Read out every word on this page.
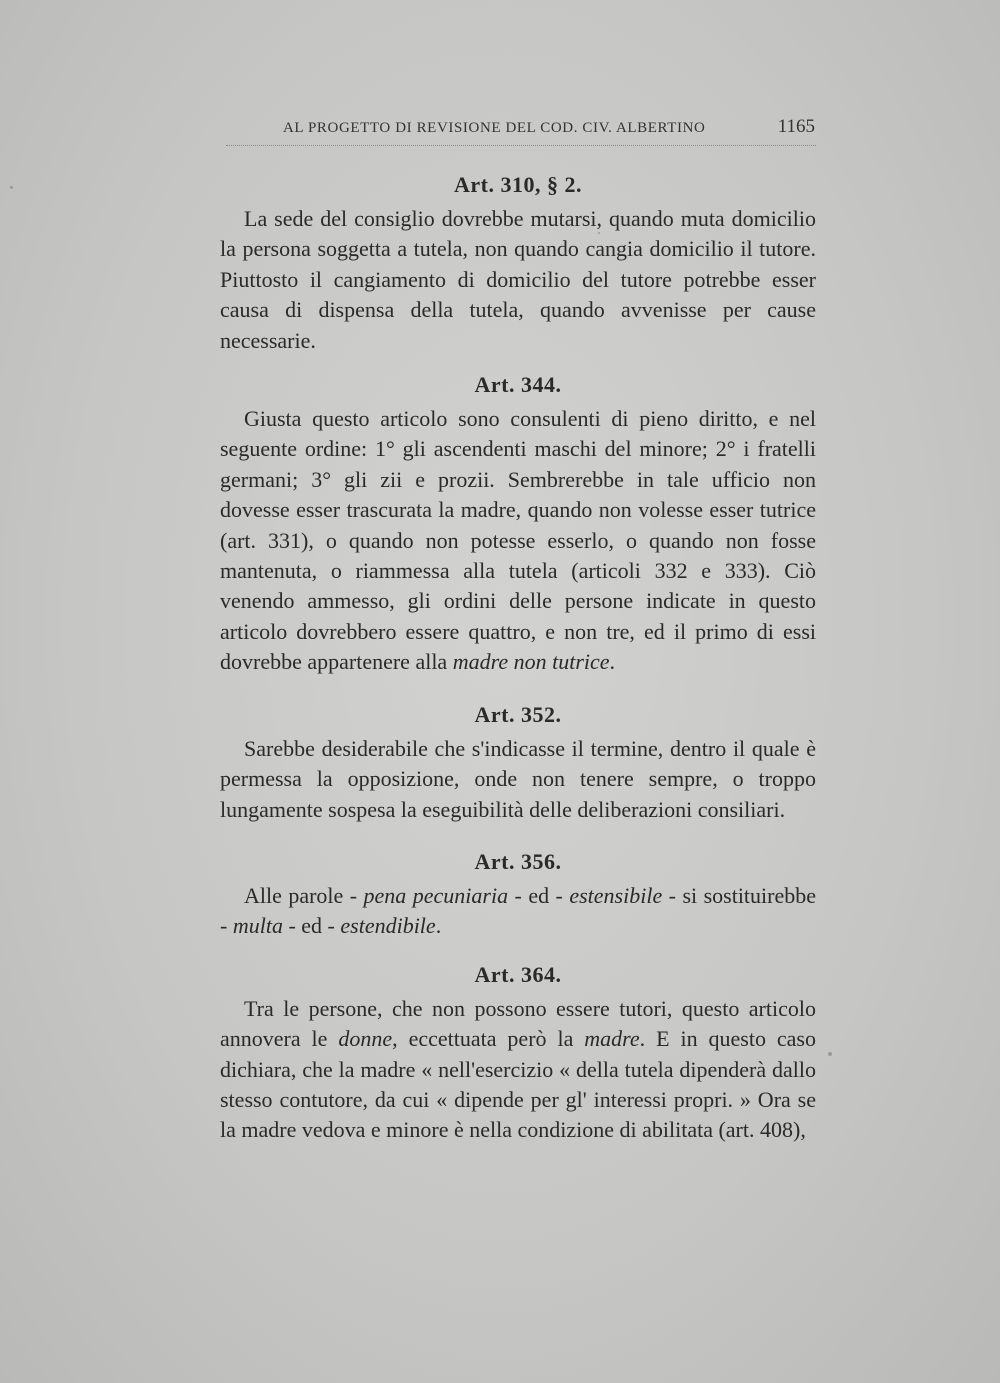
AL PROGETTO DI REVISIONE DEL COD. CIV. ALBERTINO	1165
Art. 310, § 2.

La sede del consiglio dovrebbe mutarsi, quando muta domicilio la persona soggetta a tutela, non quando cangia domicilio il tutore. Piuttosto il cangiamento di domicilio del tutore potrebbe esser causa di dispensa della tutela, quando avvenisse per cause necessarie.

Art. 344.

Giusta questo articolo sono consulenti di pieno diritto, e nel seguente ordine: 1° gli ascendenti maschi del minore; 2° i fratelli germani; 3° gli zii e prozii. Sembrerebbe in tale ufficio non dovesse esser trascurata la madre, quando non volesse esser tutrice (art. 331), o quando non potesse esserlo, o quando non fosse mantenuta, o riammessa alla tutela (articoli 332 e 333). Ciò venendo ammesso, gli ordini delle persone indicate in questo articolo dovrebbero essere quattro, e non tre, ed il primo di essi dovrebbe appartenere alla madre non tutrice.

Art. 352.

Sarebbe desiderabile che s'indicasse il termine, dentro il quale è permessa la opposizione, onde non tenere sempre, o troppo lungamente sospesa la eseguibilità delle deliberazioni consiliari.

Art. 356.

Alle parole - pena pecuniaria - ed - estensibile - si sostituirebbe - multa - ed - estendibile.

Art. 364.

Tra le persone, che non possono essere tutori, questo articolo annovera le donne, eccettuata però la madre. E in questo caso dichiara, che la madre « nell'esercizio « della tutela dipenderà dallo stesso contutore, da cui « dipende per gl' interessi propri. » Ora se la madre vedova e minore è nella condizione di abilitata (art. 408),
